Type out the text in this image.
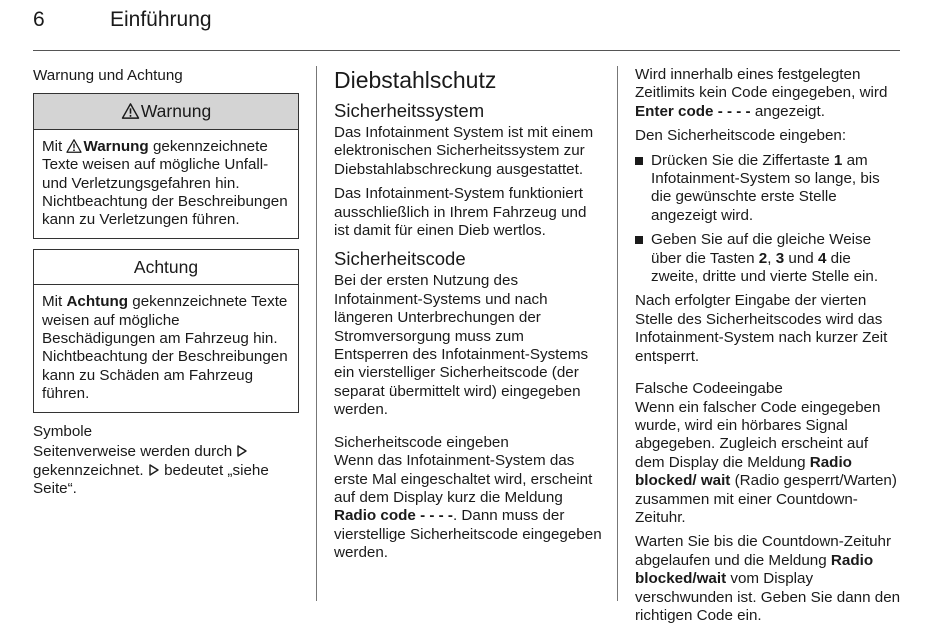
6	Einführung
Warnung und Achtung
Warnung

Mit Warnung gekennzeichnete Texte weisen auf mögliche Unfall- und Verletzungsgefahren hin. Nichtbeachtung der Beschreibungen kann zu Verletzungen führen.

Achtung

Mit Achtung gekennzeichnete Texte weisen auf mögliche Beschädigungen am Fahrzeug hin. Nichtbeachtung der Beschreibungen kann zu Schäden am Fahrzeug führen.

Symbole

Seitenverweise werden durch  gekennzeichnet. bedeutet „siehe Seite“.

Diebstahlschutz
Sicherheitssystem

Das Infotainment System ist mit einem elektronischen Sicherheitssystem zur Diebstahlabschreckung ausgestattet.

Das Infotainment-System funktioniert ausschließlich in Ihrem Fahrzeug und ist damit für einen Dieb wertlos.

Sicherheitscode

Bei der ersten Nutzung des Infotainment-Systems und nach längeren Unterbrechungen der Stromversorgung muss zum Entsperren des Infotainment-Systems ein vierstelliger Sicherheitscode (der separat übermittelt wird) eingegeben werden.

Sicherheitscode eingeben

Wenn das Infotainment-System das erste Mal eingeschaltet wird, erscheint auf dem Display kurz die Meldung Radio code - - - -. Dann muss der vierstellige Sicherheitscode eingegeben werden.

Wird innerhalb eines festgelegten Zeitlimits kein Code eingegeben, wird Enter code - - - - angezeigt.

Den Sicherheitscode eingeben:

Drücken Sie die Ziffertaste 1 am Infotainment-System so lange, bis die gewünschte erste Stelle angezeigt wird.
Geben Sie auf die gleiche Weise über die Tasten 2, 3 und 4 die zweite, dritte und vierte Stelle ein.

Nach erfolgter Eingabe der vierten Stelle des Sicherheitscodes wird das Infotainment-System nach kurzer Zeit entsperrt.

Falsche Codeeingabe

Wenn ein falscher Code eingegeben wurde, wird ein hörbares Signal abgegeben. Zugleich erscheint auf dem Display die Meldung Radio blocked/ wait (Radio gesperrt/Warten) zusammen mit einer Countdown-Zeituhr.

Warten Sie bis die Countdown-Zeituhr abgelaufen und die Meldung Radio blocked/wait vom Display verschwunden ist. Geben Sie dann den richtigen Code ein.
